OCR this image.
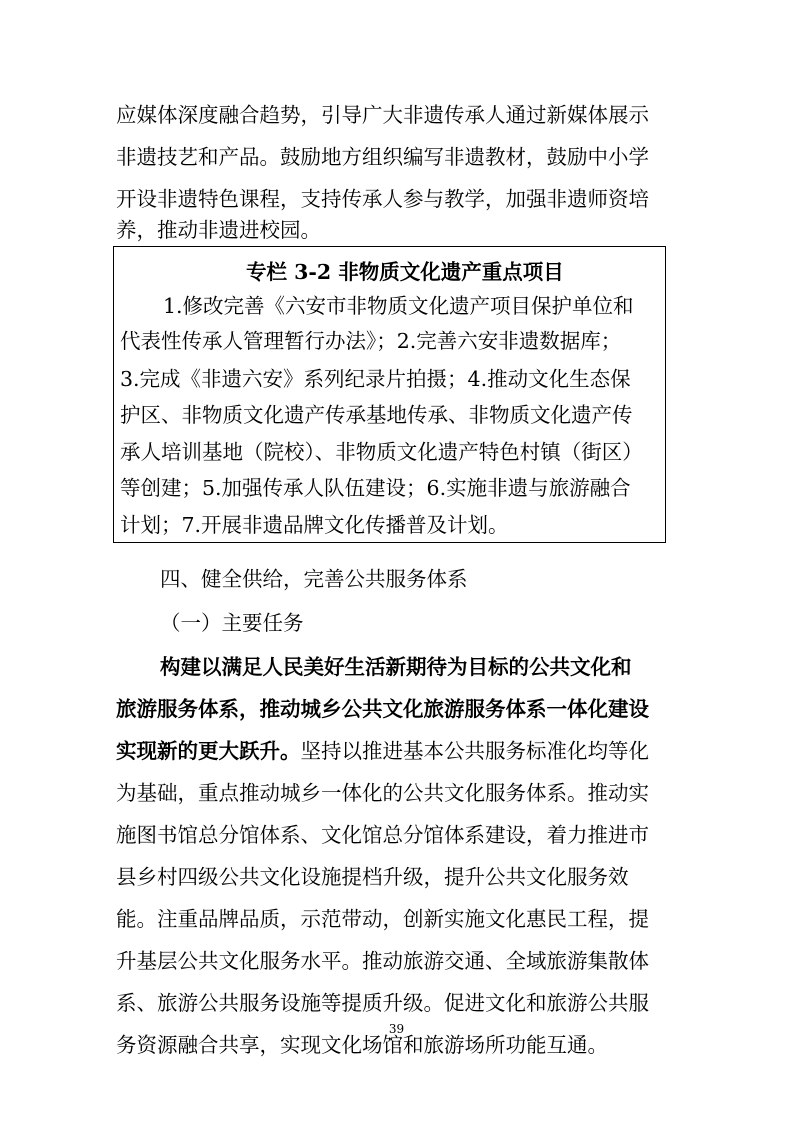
应媒体深度融合趋势，引导广大非遗传承人通过新媒体展示
非遗技艺和产品。鼓励地方组织编写非遗教材，鼓励中小学
开设非遗特色课程，支持传承人参与教学，加强非遗师资培
养，推动非遗进校园。
专栏 3-2 非物质文化遗产重点项目
1.修改完善《六安市非物质文化遗产项目保护单位和
代表性传承人管理暂行办法》；2.完善六安非遗数据库；
3.完成《非遗六安》系列纪录片拍摄；4.推动文化生态保
护区、非物质文化遗产传承基地传承、非物质文化遗产传
承人培训基地（院校）、非物质文化遗产特色村镇（街区）
等创建；5.加强传承人队伍建设；6.实施非遗与旅游融合
计划；7.开展非遗品牌文化传播普及计划。
四、健全供给，完善公共服务体系
（一）主要任务
构建以满足人民美好生活新期待为目标的公共文化和
旅游服务体系，推动城乡公共文化旅游服务体系一体化建设
实现新的更大跃升。坚持以推进基本公共服务标准化均等化
为基础，重点推动城乡一体化的公共文化服务体系。推动实
施图书馆总分馆体系、文化馆总分馆体系建设，着力推进市
县乡村四级公共文化设施提档升级，提升公共文化服务效
能。注重品牌品质，示范带动，创新实施文化惠民工程，提
升基层公共文化服务水平。推动旅游交通、全域旅游集散体
系、旅游公共服务设施等提质升级。促进文化和旅游公共服
务资源融合共享，实现文化场馆和旅游场所功能互通。
39
